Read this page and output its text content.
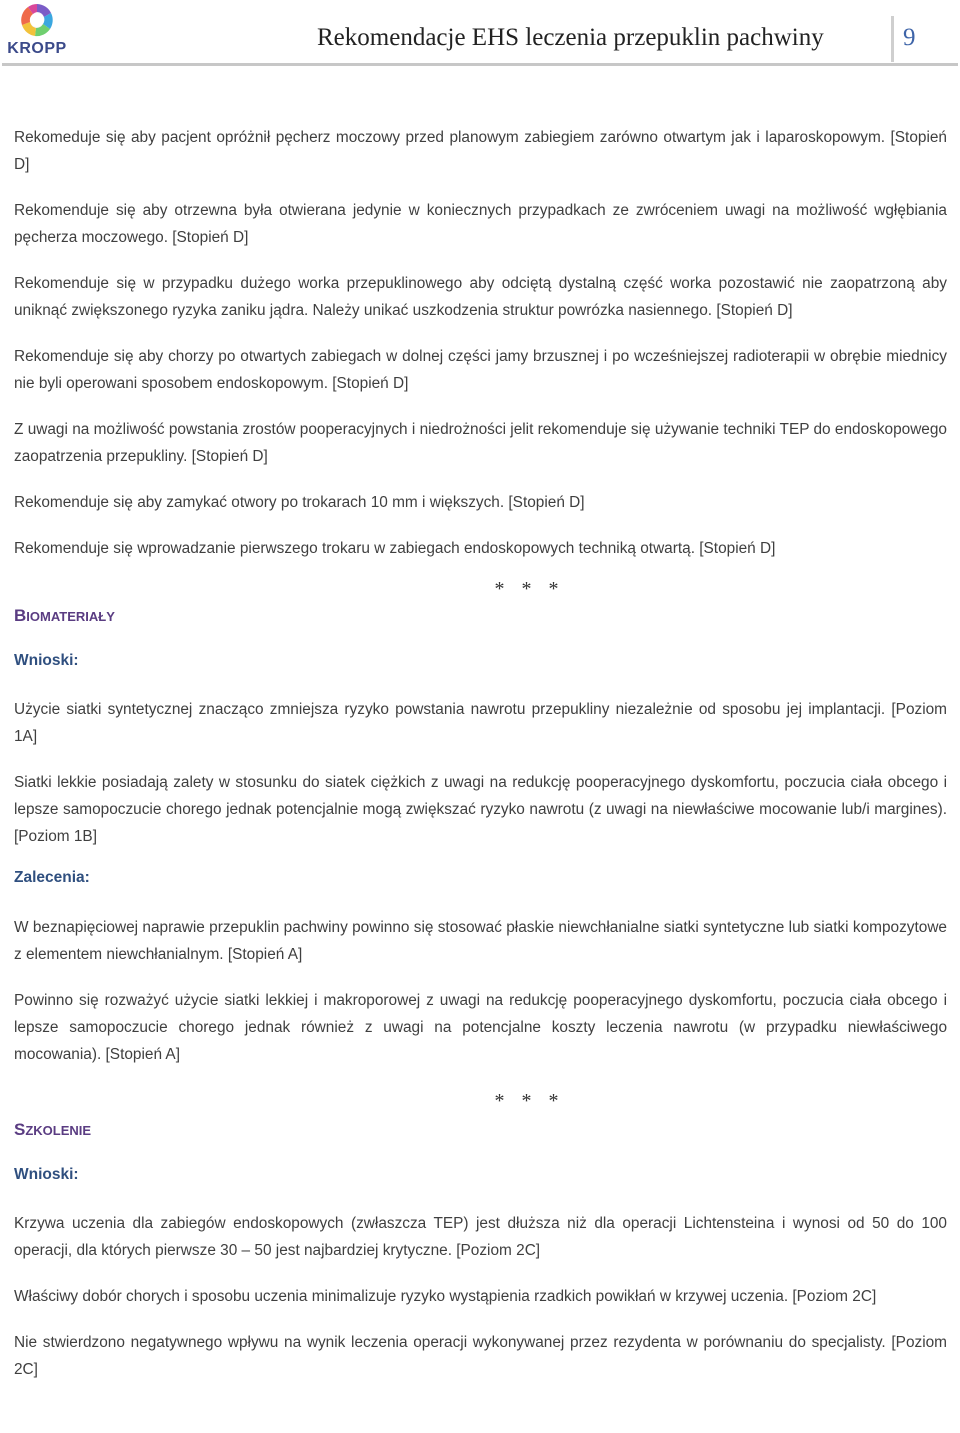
KROPP	Rekomendacje EHS leczenia przepuklin pachwiny	9

Rekomeduje się aby pacjent opróżnił pęcherz moczowy przed planowym zabiegiem zarówno otwartym jak i laparoskopowym. [Stopień D]

Rekomenduje się aby otrzewna była otwierana jedynie w koniecznych przypadkach ze zwróceniem uwagi na możliwość wgłębiania pęcherza moczowego. [Stopień D]

Rekomenduje się w przypadku dużego worka przepuklinowego aby odciętą dystalną część worka pozostawić nie zaopatrzoną aby uniknąć zwiększonego ryzyka zaniku jądra. Należy unikać uszkodzenia struktur powrózka nasiennego. [Stopień D]

Rekomenduje się aby chorzy po otwartych zabiegach w dolnej części jamy brzusznej i po wcześniejszej radioterapii w obrębie miednicy nie byli operowani sposobem endoskopowym. [Stopień D]

Z uwagi na możliwość powstania zrostów pooperacyjnych i niedrożności jelit rekomenduje się używanie techniki TEP do endoskopowego zaopatrzenia przepukliny. [Stopień D]

Rekomenduje się aby zamykać otwory po trokarach 10 mm i większych. [Stopień D]

Rekomenduje się wprowadzanie pierwszego trokaru w zabiegach endoskopowych techniką otwartą. [Stopień D]

* * *
BIOMATERIAŁY
Wnioski:

Użycie siatki syntetycznej znacząco zmniejsza ryzyko powstania nawrotu przepukliny niezależnie od sposobu jej implantacji. [Poziom 1A]

Siatki lekkie posiadają zalety w stosunku do siatek ciężkich z uwagi na redukcję pooperacyjnego dyskomfortu, poczucia ciała obcego i lepsze samopoczucie chorego jednak potencjalnie mogą zwiększać ryzyko nawrotu (z uwagi na niewłaściwe mocowanie lub/i margines). [Poziom 1B]

Zalecenia:

W beznapięciowej naprawie przepuklin pachwiny powinno się stosować płaskie niewchłanialne siatki syntetyczne lub siatki kompozytowe z elementem niewchłanialnym. [Stopień A]

Powinno się rozważyć użycie siatki lekkiej i makroporowej z uwagi na redukcję pooperacyjnego dyskomfortu, poczucia ciała obcego i lepsze samopoczucie chorego jednak również z uwagi na potencjalne koszty leczenia nawrotu (w przypadku niewłaściwego mocowania). [Stopień A]

* * *
SZKOLENIE
Wnioski:

Krzywa uczenia dla zabiegów endoskopowych (zwłaszcza TEP) jest dłuższa niż dla operacji Lichtensteina i wynosi od 50 do 100 operacji, dla których pierwsze 30 – 50 jest najbardziej krytyczne. [Poziom 2C]

Właściwy dobór chorych i sposobu uczenia minimalizuje ryzyko wystąpienia rzadkich powikłań w krzywej uczenia. [Poziom 2C]

Nie stwierdzono negatywnego wpływu na wynik leczenia operacji wykonywanej przez rezydenta w porównaniu do specjalisty. [Poziom 2C]
